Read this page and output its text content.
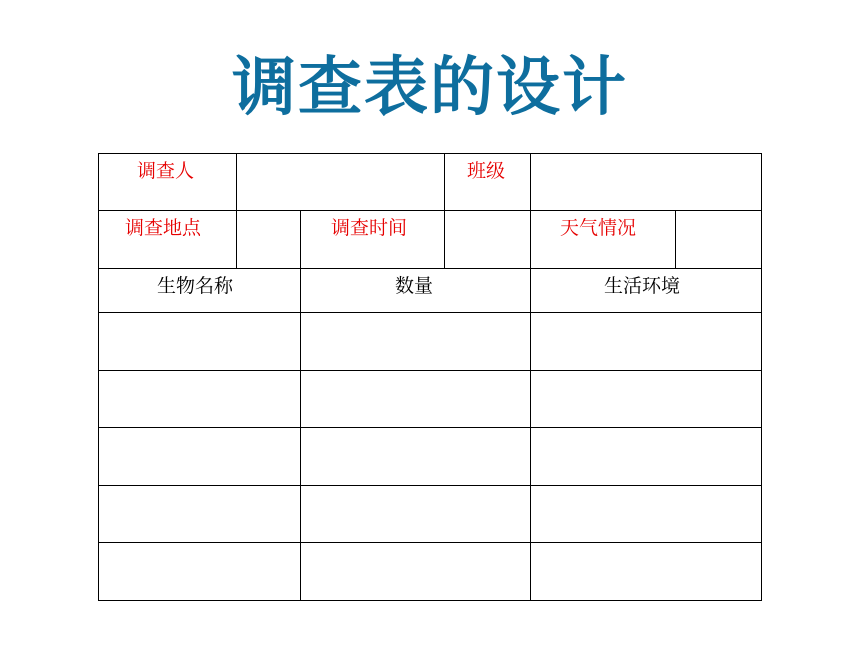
调查表的设计
调查人	班级
调查地点	调查时间	天气情况
生物名称	数量	生活环境
